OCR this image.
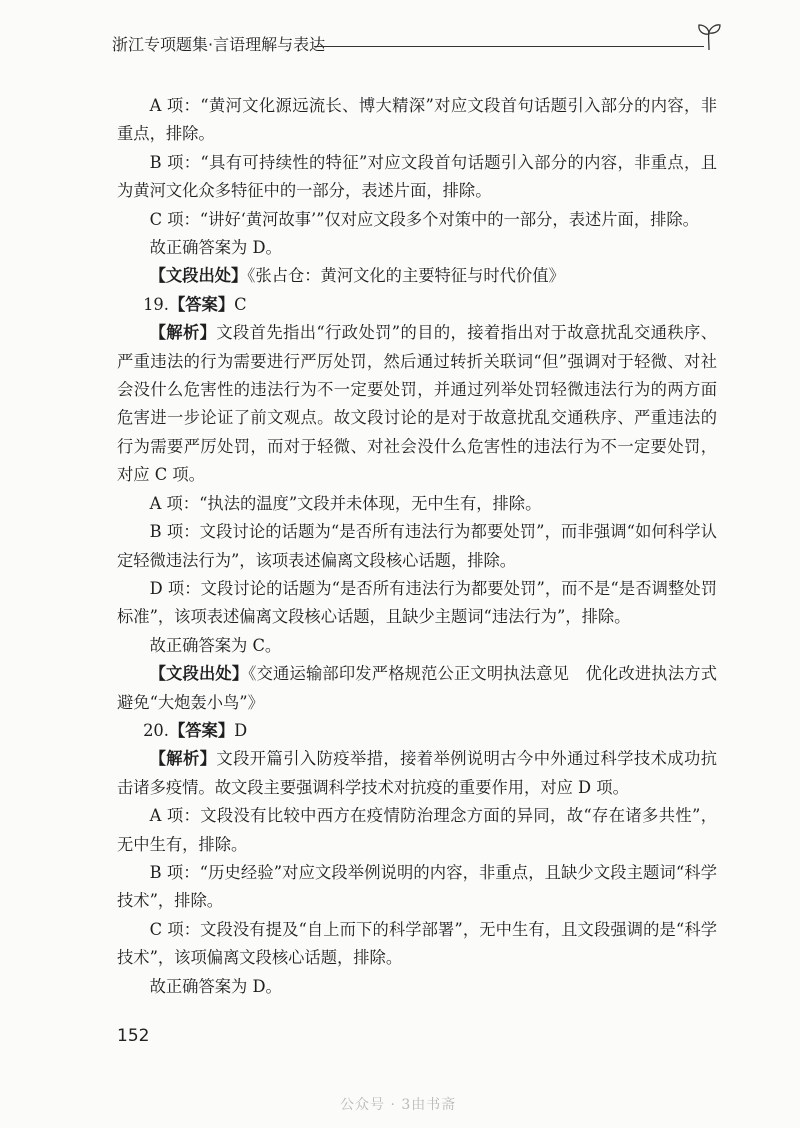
浙江专项题集·言语理解与表达

A 项：“黄河文化源远流长、博大精深”对应文段首句话题引入部分的内容，非重点，排除。

B 项：“具有可持续性的特征”对应文段首句话题引入部分的内容，非重点，且为黄河文化众多特征中的一部分，表述片面，排除。

C 项：“讲好‘黄河故事’”仅对应文段多个对策中的一部分，表述片面，排除。

故正确答案为 D。

【文段出处】《张占仓：黄河文化的主要特征与时代价值》

19.【答案】C

【解析】文段首先指出“行政处罚”的目的，接着指出对于故意扰乱交通秩序、严重违法的行为需要进行严厉处罚，然后通过转折关联词“但”强调对于轻微、对社会没什么危害性的违法行为不一定要处罚，并通过列举处罚轻微违法行为的两方面危害进一步论证了前文观点。故文段讨论的是对于故意扰乱交通秩序、严重违法的行为需要严厉处罚，而对于轻微、对社会没什么危害性的违法行为不一定要处罚，对应 C 项。

A 项：“执法的温度”文段并未体现，无中生有，排除。

B 项：文段讨论的话题为“是否所有违法行为都要处罚”，而非强调“如何科学认定轻微违法行为”，该项表述偏离文段核心话题，排除。

D 项：文段讨论的话题为“是否所有违法行为都要处罚”，而不是“是否调整处罚标准”，该项表述偏离文段核心话题，且缺少主题词“违法行为”，排除。

故正确答案为 C。

【文段出处】《交通运输部印发严格规范公正文明执法意见　优化改进执法方式避免“大炮轰小鸟”》

20.【答案】D

【解析】文段开篇引入防疫举措，接着举例说明古今中外通过科学技术成功抗击诸多疫情。故文段主要强调科学技术对抗疫的重要作用，对应 D 项。

A 项：文段没有比较中西方在疫情防治理念方面的异同，故“存在诸多共性”，无中生有，排除。

B 项：“历史经验”对应文段举例说明的内容，非重点，且缺少文段主题词“科学技术”，排除。

C 项：文段没有提及“自上而下的科学部署”，无中生有，且文段强调的是“科学技术”，该项偏离文段核心话题，排除。

故正确答案为 D。

152
公众号 · 3由书斋
